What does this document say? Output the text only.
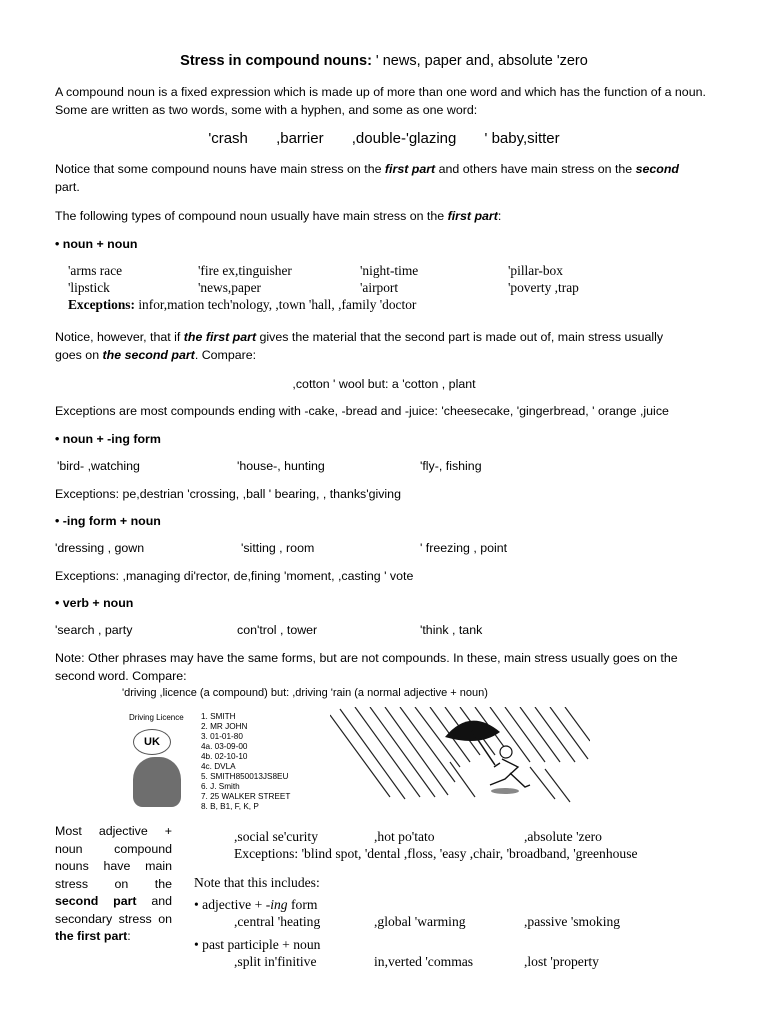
Stress in compound nouns: ' news, paper and, absolute 'zero
A compound noun is a fixed expression which is made up of more than one word and which has the function of a noun. Some are written as two words, some with a hyphen, and some as one word:
'crash ,barrier ,double-'glazing ' baby,sitter
Notice that some compound nouns have main stress on the first part and others have main stress on the second
part.
The following types of compound noun usually have main stress on the first part:
• noun + noun
'arms race	'fire ex,tinguisher	'night-time	'pillar-box
'lipstick	'news,paper	'airport	'poverty ,trap
Exceptions: infor,mation tech'nology, ,town 'hall, ,family 'doctor
Notice, however, that if the first part gives the material that the second part is made out of, main stress usually
goes on the second part. Compare:
,cotton ' wool but: a 'cotton , plant
Exceptions are most compounds ending with -cake, -bread and -juice: 'cheesecake, 'gingerbread, ' orange ,juice
• noun + -ing form
'bird- ,watching	'house-, hunting	'fly-, fishing
Exceptions: pe,destrian 'crossing, ,ball ' bearing, , thanks'giving
• -ing form + noun
'dressing , gown	'sitting , room	' freezing , point
Exceptions: ,managing di'rector, de,fining 'moment, ,casting ' vote
• verb + noun
'search , party	con'trol , tower	'think , tank
Note: Other phrases may have the same forms, but are not compounds. In these, main stress usually goes on the second word. Compare:
'driving ,licence (a compound) but: ,driving 'rain (a normal adjective + noun)
Driving Licence
UK
1. SMITH
2. MR JOHN
3. 01-01-80
4a. 03-09-00
4b. 02-10-10
4c. DVLA
5. SMITH850013JS8EU
6. J. Smith
7. 25 WALKER STREET
8. B, B1, F, K, P
Most adjective + noun compound nouns have main stress on the second part and secondary stress on the first part:
,social se'curity	,hot po'tato	,absolute 'zero
Exceptions: 'blind spot, 'dental ,floss, 'easy ,chair, 'broadband, 'greenhouse
Note that this includes:
• adjective + -ing form
,central 'heating	,global 'warming	,passive 'smoking
• past participle + noun
,split in'finitive	in,verted 'commas	,lost 'property
